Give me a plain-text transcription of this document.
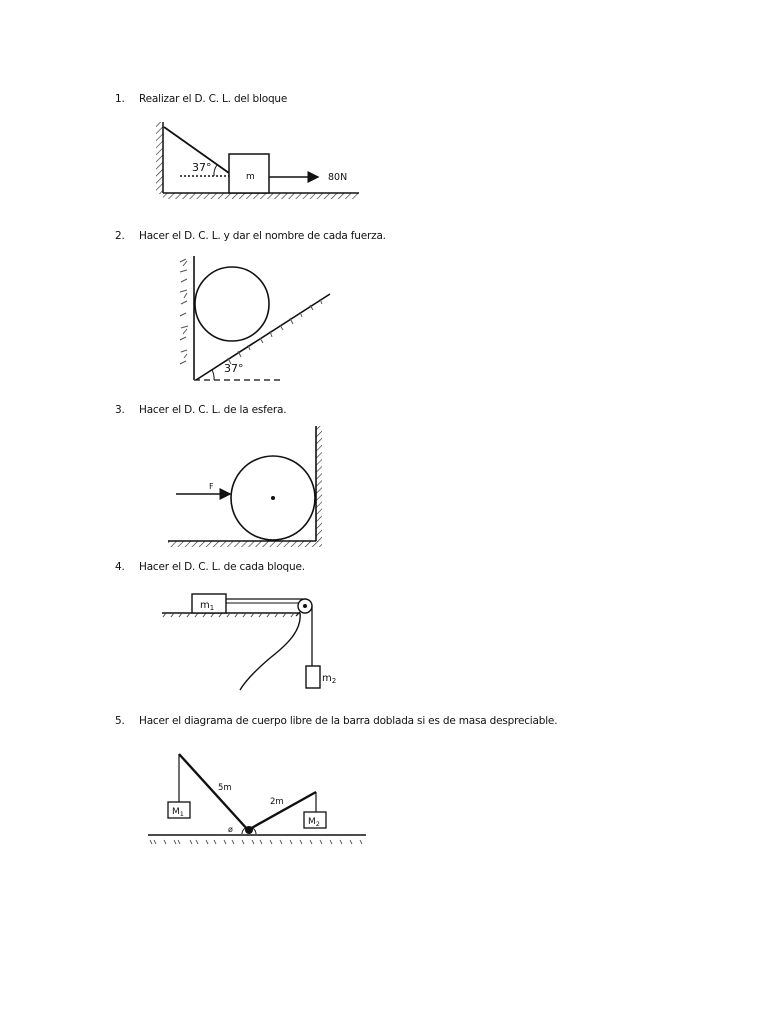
1. Realizar el D. C. L. del bloque
37°
m	80N
2. Hacer el D. C. L. y dar el nombre de cada fuerza.
37°
3. Hacer el D. C. L. de la esfera.
F
4. Hacer el D. C. L. de cada bloque.
$m_1$
$m_2$
5. Hacer el diagrama de cuerpo libre de la barra doblada si es de masa despreciable.
$M_1$
5m
2m
ø
$M_2$
